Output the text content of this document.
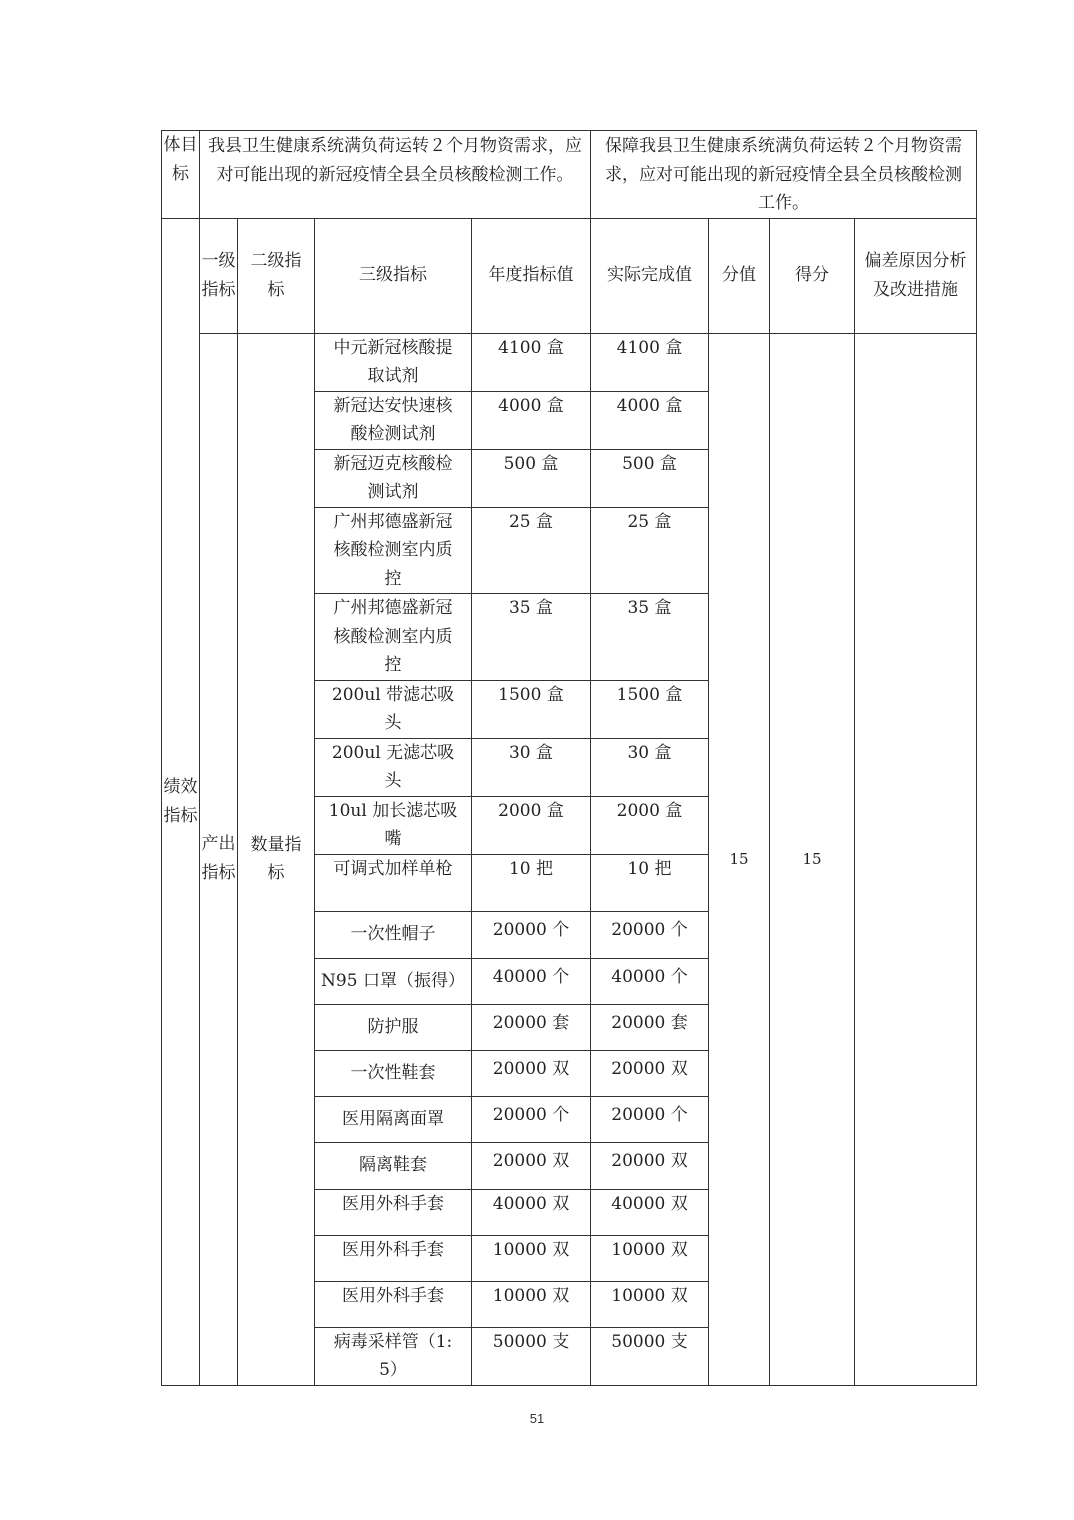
体目标	我县卫生健康系统满负荷运转２个月物资需求，应对可能出现的新冠疫情全县全员核酸检测工作。				保障我县卫生健康系统满负荷运转２个月物资需求，应对可能出现的新冠疫情全县全员核酸检测工作。			
绩效指标	一级指标	二级指标	三级指标	年度指标值	实际完成值	分值	得分	偏差原因分析及改进措施
	产出指标	数量指标	中元新冠核酸提取试剂	4100 盒	4100 盒	15	15	
			新冠达安快速核酸检测试剂	4000 盒	4000 盒			
			新冠迈克核酸检测试剂	500 盒	500 盒			
			广州邦德盛新冠核酸检测室内质控	25 盒	25 盒			
			广州邦德盛新冠核酸检测室内质控	35 盒	35 盒			
			200ul 带滤芯吸头	1500 盒	1500 盒			
			200ul 无滤芯吸头	30 盒	30 盒			
			10ul 加长滤芯吸嘴	2000 盒	2000 盒			
			可调式加样单枪	10 把	10 把			
			一次性帽子	20000 个	20000 个			
			N95 口罩（振得）	40000 个	40000 个			
			防护服	20000 套	20000 套			
			一次性鞋套	20000 双	20000 双			
			医用隔离面罩	20000 个	20000 个			
			隔离鞋套	20000 双	20000 双			
			医用外科手套	40000 双	40000 双			
			医用外科手套	10000 双	10000 双			
			医用外科手套	10000 双	10000 双			
			病毒采样管（1:5）	50000 支	50000 支			
51
